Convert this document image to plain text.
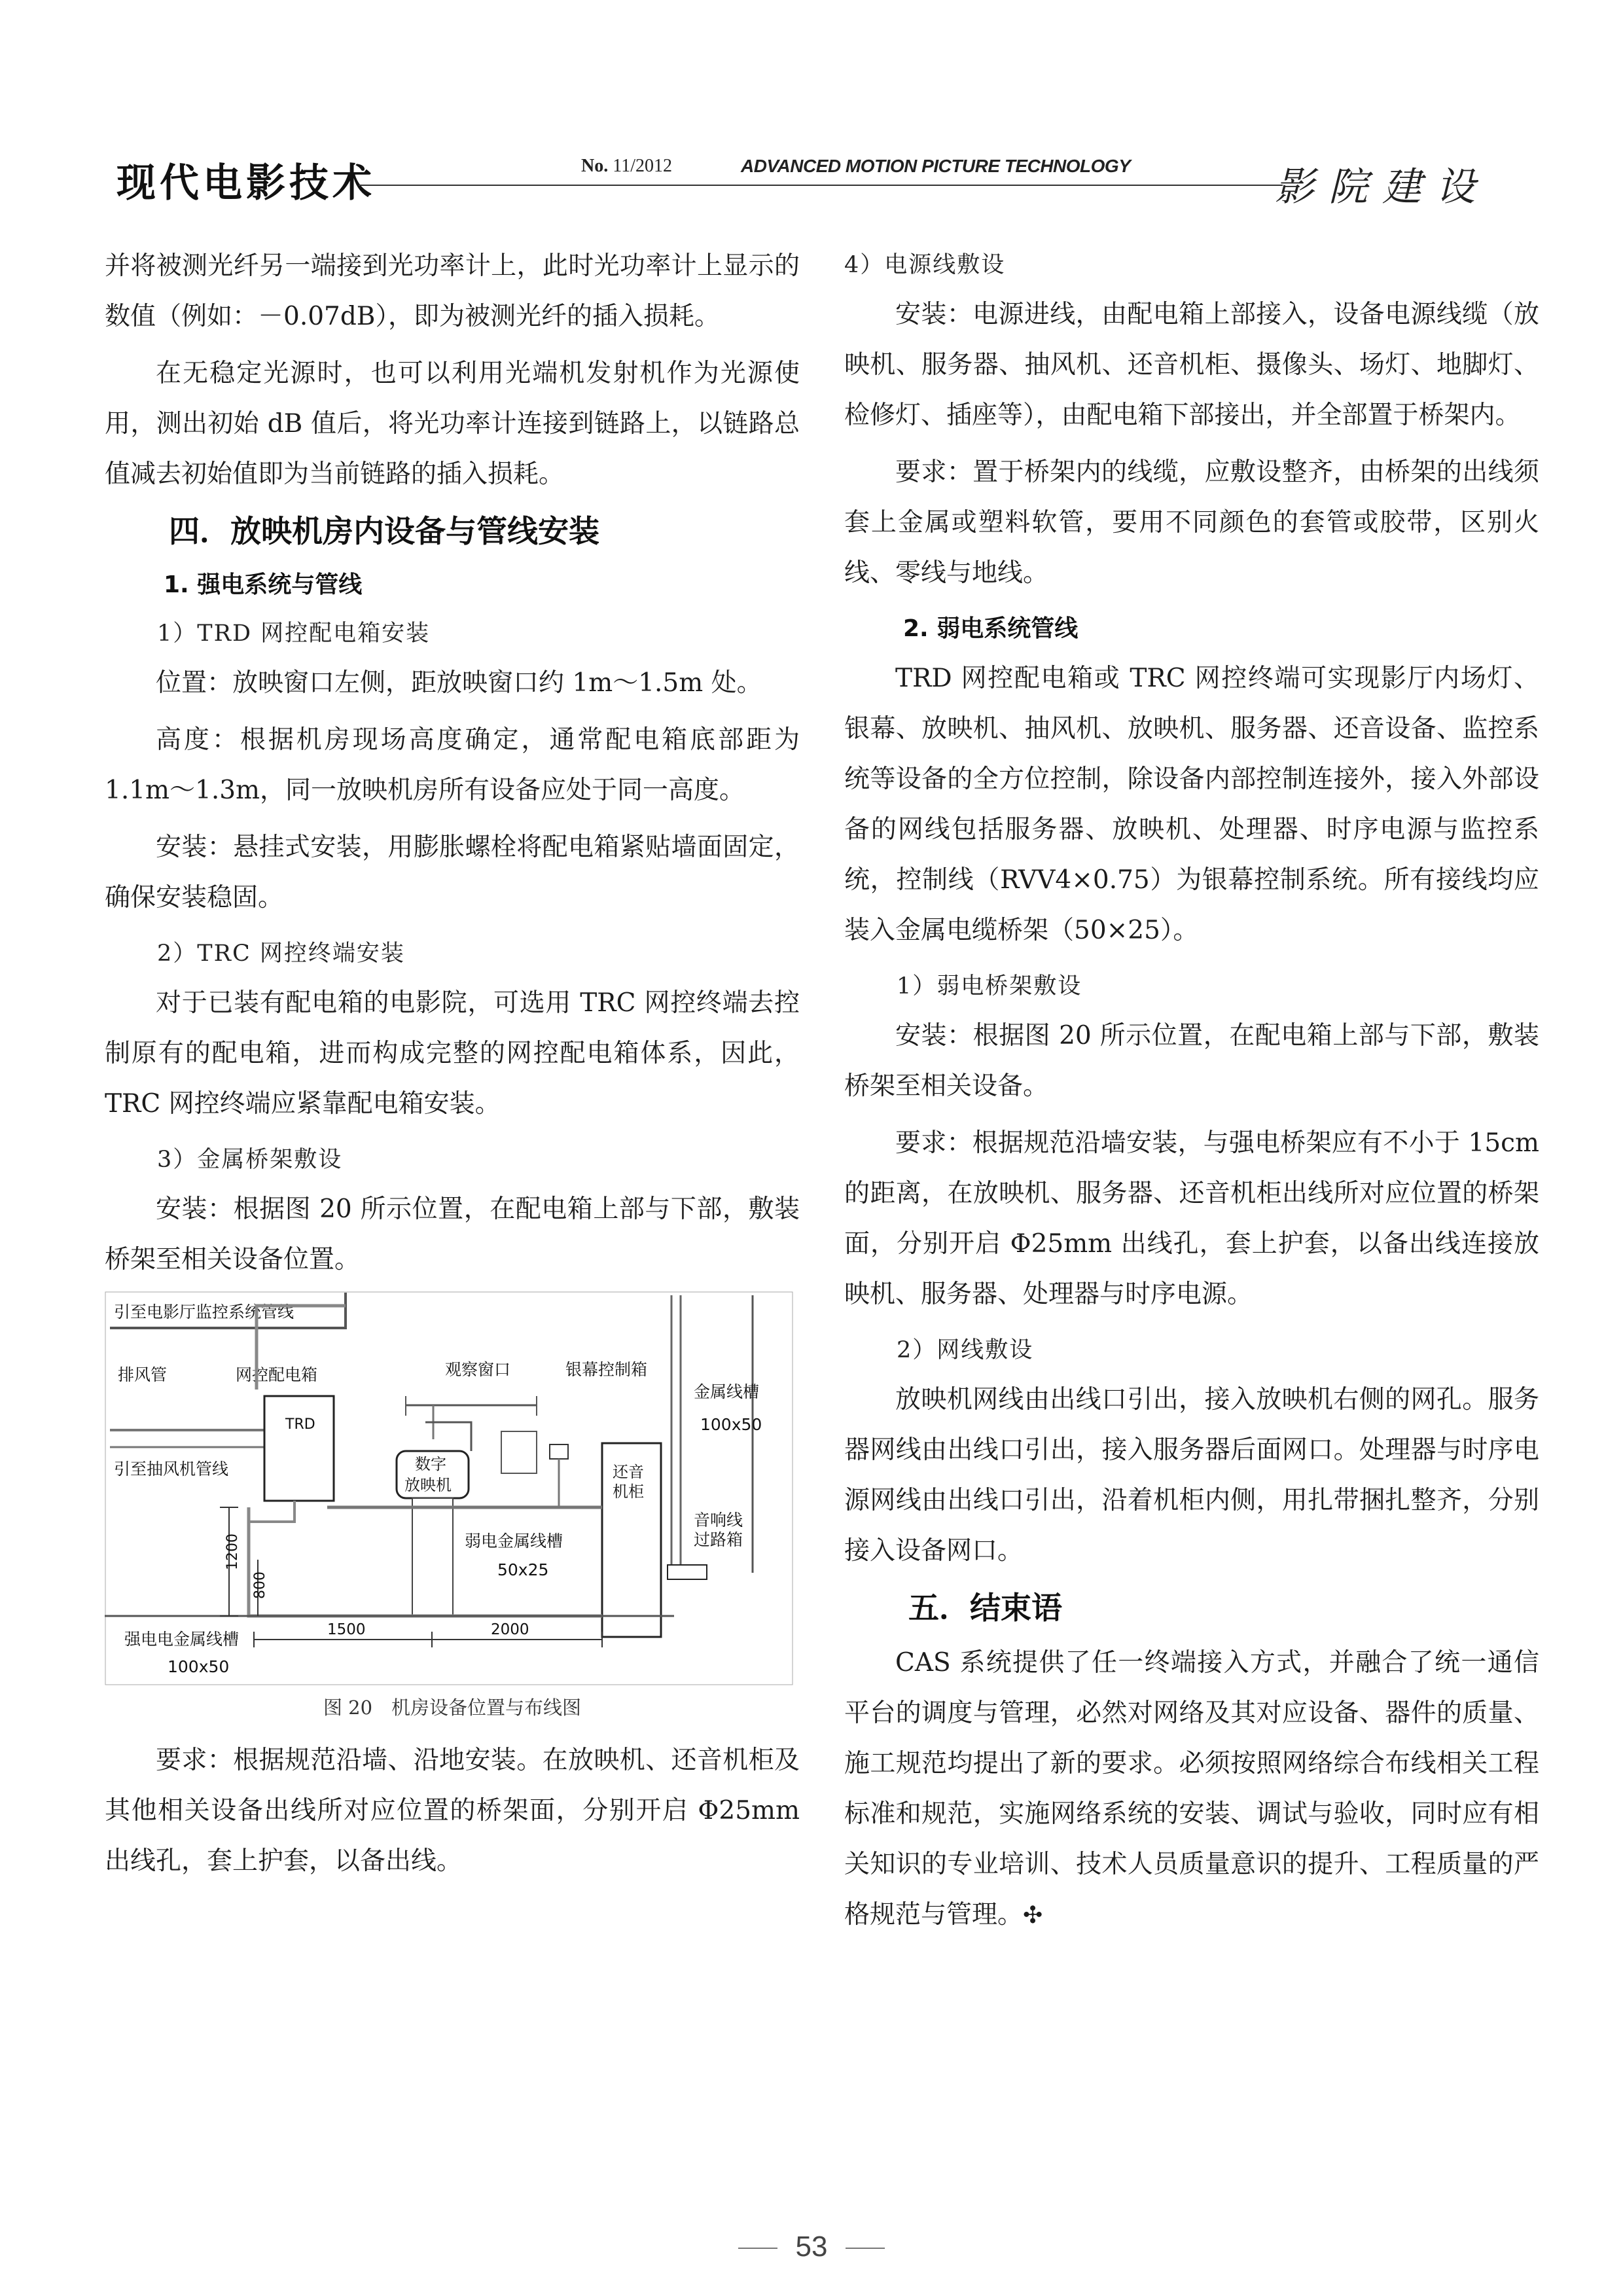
现代电影技术	No. 11/2012	ADVANCED MOTION PICTURE TECHNOLOGY	影院建设

并将被测光纤另一端接到光功率计上，此时光功率计上显示的数值（例如：－0.07dB），即为被测光纤的插入损耗。

在无稳定光源时，也可以利用光端机发射机作为光源使用，测出初始 dB 值后，将光功率计连接到链路上，以链路总值减去初始值即为当前链路的插入损耗。

四．放映机房内设备与管线安装
1. 强电系统与管线
1）TRD 网控配电箱安装

位置：放映窗口左侧，距放映窗口约 1m～1.5m 处。

高度：根据机房现场高度确定，通常配电箱底部距为 1.1m～1.3m，同一放映机房所有设备应处于同一高度。

安装：悬挂式安装，用膨胀螺栓将配电箱紧贴墙面固定，确保安装稳固。

2）TRC 网控终端安装

对于已装有配电箱的电影院，可选用 TRC 网控终端去控制原有的配电箱，进而构成完整的网控配电箱体系，因此，TRC 网控终端应紧靠配电箱安装。

3）金属桥架敷设

安装：根据图 20 所示位置，在配电箱上部与下部，敷装桥架至相关设备位置。

引至电影厅监控系统管线
排风管	网控配电箱
引至抽风机管线
TRD
观察窗口	银幕控制箱
数字
放映机
还音
机柜
金属线槽
100x50
音响线
过路箱
弱电金属线槽
50x25
1200
800
1500	2000
强电电金属线槽
100x50
图 20　机房设备位置与布线图

要求：根据规范沿墙、沿地安装。在放映机、还音机柜及其他相关设备出线所对应位置的桥架面，分别开启 Φ25mm 出线孔，套上护套，以备出线。

4）电源线敷设

安装：电源进线，由配电箱上部接入，设备电源线缆（放映机、服务器、抽风机、还音机柜、摄像头、场灯、地脚灯、检修灯、插座等），由配电箱下部接出，并全部置于桥架内。

要求：置于桥架内的线缆，应敷设整齐，由桥架的出线须套上金属或塑料软管，要用不同颜色的套管或胶带，区别火线、零线与地线。

2. 弱电系统管线

TRD 网控配电箱或 TRC 网控终端可实现影厅内场灯、银幕、放映机、抽风机、放映机、服务器、还音设备、监控系统等设备的全方位控制，除设备内部控制连接外，接入外部设备的网线包括服务器、放映机、处理器、时序电源与监控系统，控制线（RVV4×0.75）为银幕控制系统。所有接线均应装入金属电缆桥架（50×25）。

1）弱电桥架敷设

安装：根据图 20 所示位置，在配电箱上部与下部，敷装桥架至相关设备。

要求：根据规范沿墙安装，与强电桥架应有不小于 15cm 的距离，在放映机、服务器、还音机柜出线所对应位置的桥架面，分别开启 Φ25mm 出线孔，套上护套，以备出线连接放映机、服务器、处理器与时序电源。

2）网线敷设

放映机网线由出线口引出，接入放映机右侧的网孔。服务器网线由出线口引出，接入服务器后面网口。处理器与时序电源网线由出线口引出，沿着机柜内侧，用扎带捆扎整齐，分别接入设备网口。

五．结束语

CAS 系统提供了任一终端接入方式，并融合了统一通信平台的调度与管理，必然对网络及其对应设备、器件的质量、施工规范均提出了新的要求。必须按照网络综合布线相关工程标准和规范，实施网络系统的安装、调试与验收，同时应有相关知识的专业培训、技术人员质量意识的提升、工程质量的严格规范与管理。✣

53
